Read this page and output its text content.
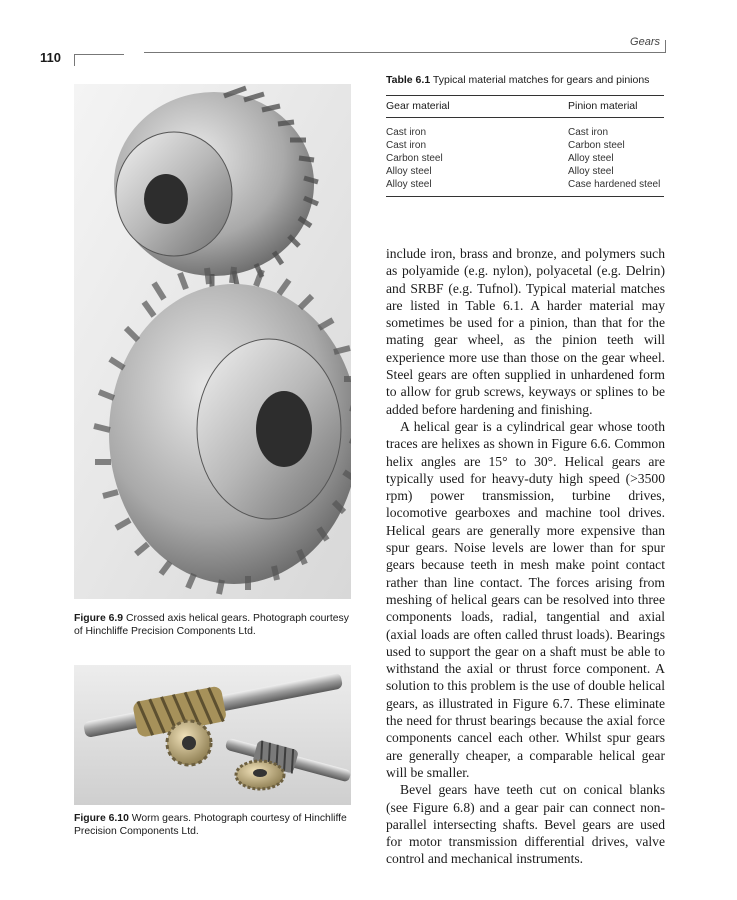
110
Gears
Table 6.1 Typical material matches for gears and pinions
Gear material	Pinion material
Cast iron	Cast iron
Cast iron	Carbon steel
Carbon steel	Alloy steel
Alloy steel	Alloy steel
Alloy steel	Case hardened steel

include iron, brass and bronze, and polymers such as polyamide (e.g. nylon), polyacetal (e.g. Delrin) and SRBF (e.g. Tufnol). Typical material matches are listed in Table 6.1. A harder material may sometimes be used for a pinion, than that for the mating gear wheel, as the pinion teeth will experience more use than those on the gear wheel. Steel gears are often supplied in unhardened form to allow for grub screws, keyways or splines to be added before hardening and finishing.

A helical gear is a cylindrical gear whose tooth traces are helixes as shown in Figure 6.6. Common helix angles are 15° to 30°. Helical gears are typically used for heavy-duty high speed (>3500 rpm) power transmission, turbine drives, locomotive gearboxes and machine tool drives. Helical gears are generally more expensive than spur gears. Noise levels are lower than for spur gears because teeth in mesh make point contact rather than line contact. The forces arising from meshing of helical gears can be resolved into three components loads, radial, tangential and axial (axial loads are often called thrust loads). Bearings used to support the gear on a shaft must be able to withstand the axial or thrust force component. A solution to this problem is the use of double helical gears, as illustrated in Figure 6.7. These eliminate the need for thrust bearings because the axial force components cancel each other. Whilst spur gears are generally cheaper, a comparable helical gear will be smaller.

Bevel gears have teeth cut on conical blanks (see Figure 6.8) and a gear pair can connect non-parallel intersecting shafts. Bevel gears are used for motor transmission differential drives, valve control and mechanical instruments.

Figure 6.9 Crossed axis helical gears. Photograph courtesy of Hinchliffe Precision Components Ltd.
Figure 6.10 Worm gears. Photograph courtesy of Hinchliffe Precision Components Ltd.
